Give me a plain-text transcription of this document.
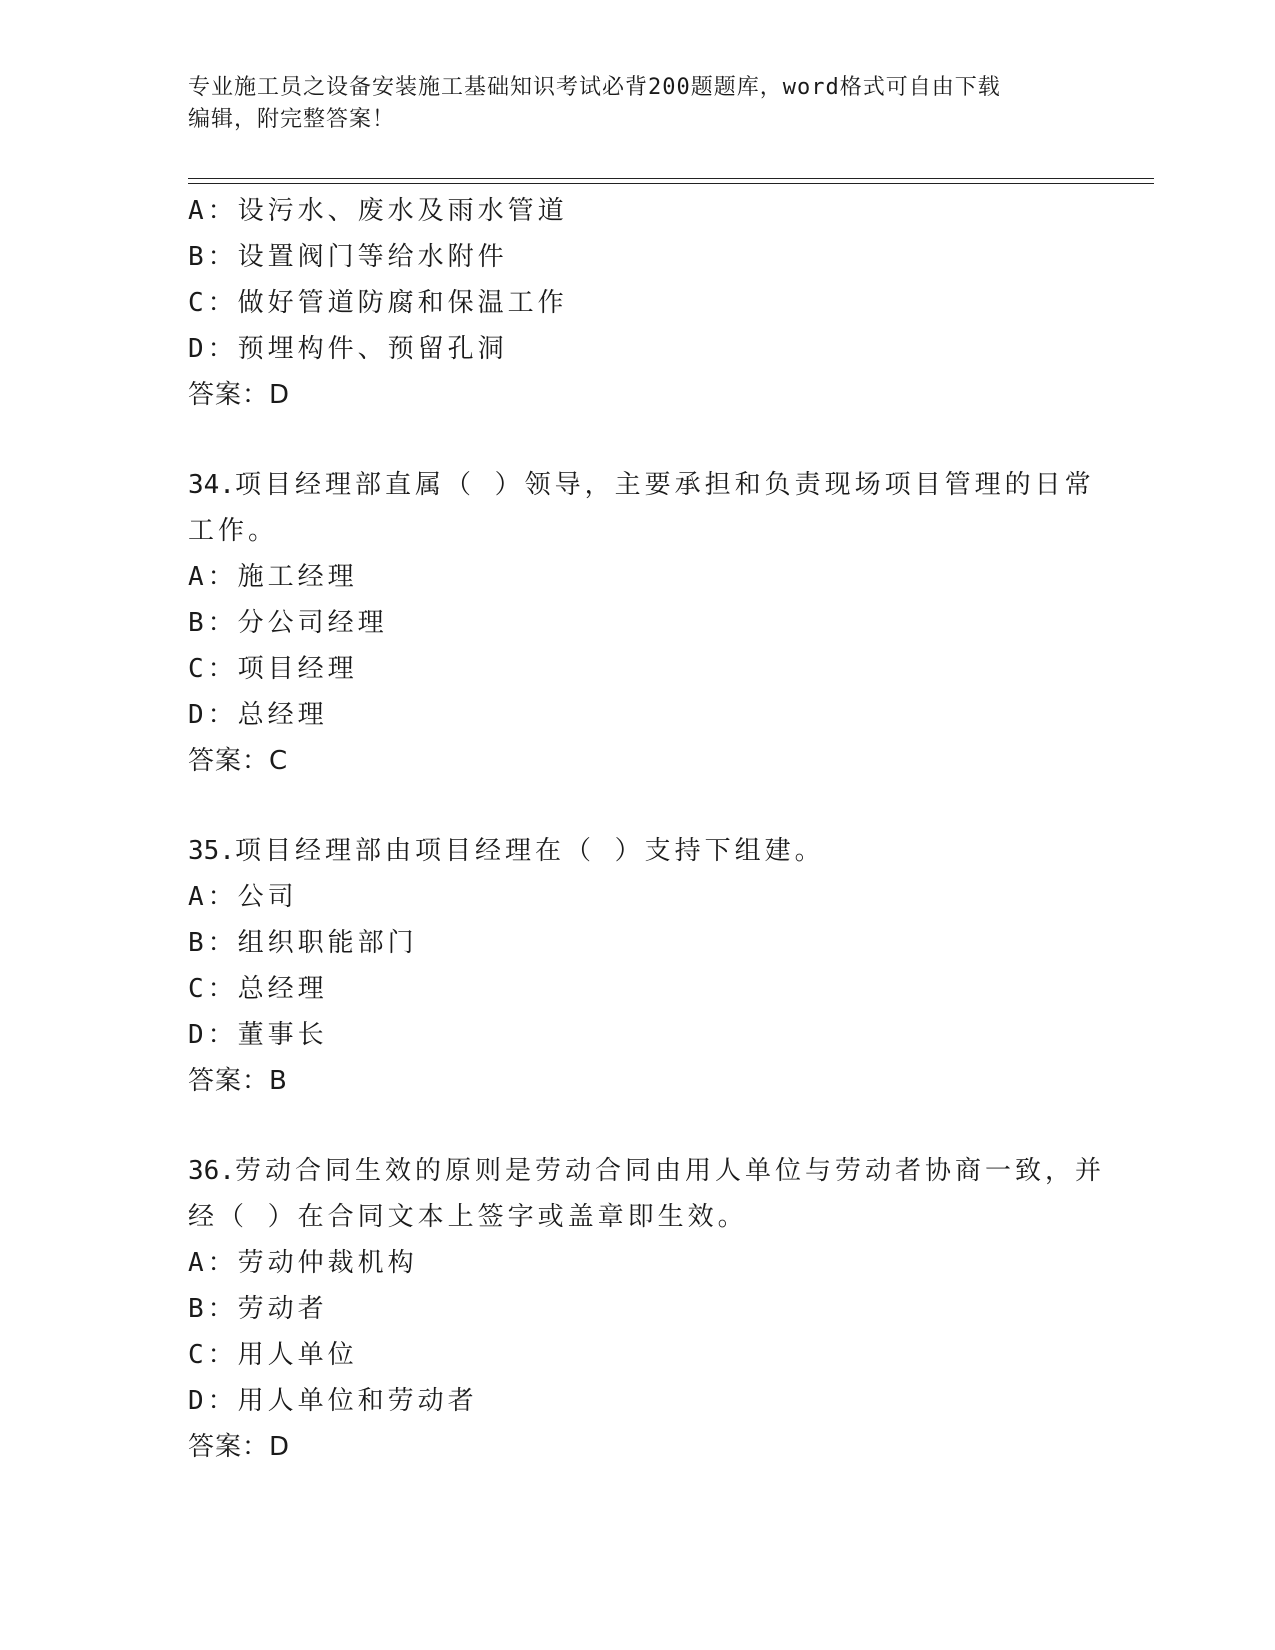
专业施工员之设备安装施工基础知识考试必背200题题库，word格式可自由下载
编辑，附完整答案！
A：设污水、废水及雨水管道
B：设置阀门等给水附件
C：做好管道防腐和保温工作
D：预埋构件、预留孔洞
答案：D
34.项目经理部直属（ ）领导，主要承担和负责现场项目管理的日常
工作。
A：施工经理
B：分公司经理
C：项目经理
D：总经理
答案：C
35.项目经理部由项目经理在（ ）支持下组建。
A：公司
B：组织职能部门
C：总经理
D：董事长
答案：B
36.劳动合同生效的原则是劳动合同由用人单位与劳动者协商一致，并
经（ ）在合同文本上签字或盖章即生效。
A：劳动仲裁机构
B：劳动者
C：用人单位
D：用人单位和劳动者
答案：D
